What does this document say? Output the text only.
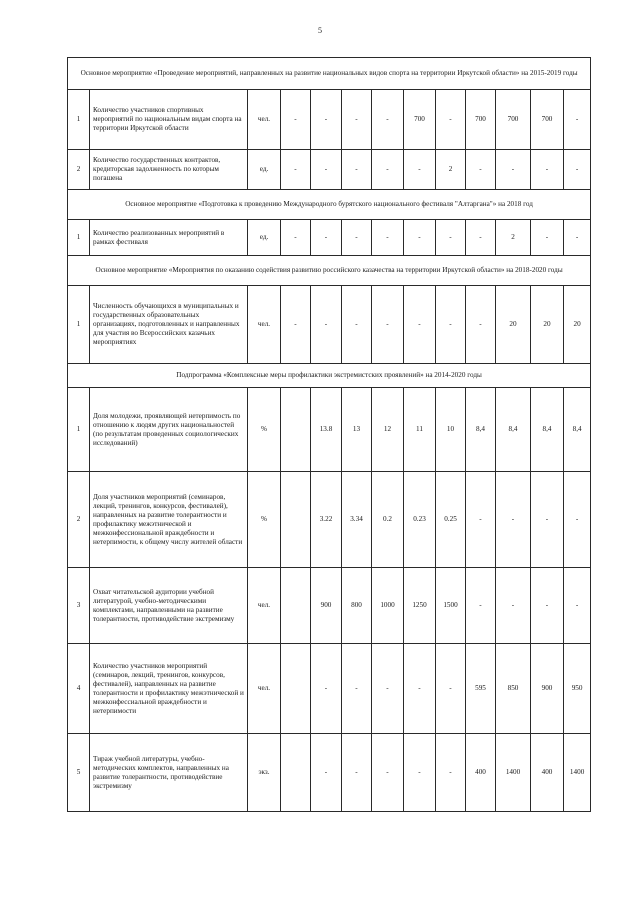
5
Основное мероприятие «Проведение мероприятий, направленных на развитие национальных видов спорта на территории Иркутской области» на 2015-2019 годы												
1	Количество участников спортивных мероприятий по национальным видам спорта на территории Иркутской области	чел.	-	-	-	-	700	-	700	700	700	-
2	Количество государственных контрактов, кредиторская задолженность по которым погашена	ед.	-	-	-	-	-	2	-	-	-	-
Основное мероприятие «Подготовка к проведению Международного бурятского национального фестиваля "Алтаргана"» на 2018 год												
1	Количество реализованных мероприятий в рамках фестиваля	ед.	-	-	-	-	-	-	-	2	-	-
Основное мероприятие «Мероприятия по оказанию содействия развитию российского казачества на территории Иркутской области» на 2018-2020 годы												
1	Численность обучающихся в муниципальных и государственных образовательных организациях, подготовленных и направленных для участия во Всероссийских казачьих мероприятиях	чел.	-	-	-	-	-	-	-	20	20	20
Подпрограмма «Комплексные меры профилактики экстремистских проявлений» на 2014-2020 годы												
1	Доля молодежи, проявляющей нетерпимость по отношению к людям других национальностей (по результатам проведенных социологических исследований)	%		13.8	13	12	11	10	8,4	8,4	8,4	8,4
2	Доля участников мероприятий (семинаров, лекций, тренингов, конкурсов, фестивалей), направленных на развитие толерантности и профилактику межэтнической и межконфессиональной враждебности и нетерпимости, к общему числу жителей области	%		3.22	3.34	0.2	0.23	0.25	-	-	-	-
3	Охват читательской аудитории учебной литературой, учебно-методическими комплектами, направленными на развитие толерантности, противодействие экстремизму	чел.		900	800	1000	1250	1500	-	-	-	-
4	Количество участников мероприятий (семинаров, лекций, тренингов, конкурсов, фестивалей), направленных на развитие толерантности и профилактику межэтнической и межконфессиальной враждебности и нетерпимости	чел.		-	-	-	-	-	595	850	900	950
5	Тираж учебной литературы, учебно-методических комплектов, направленных на развитие толерантности, противодействие экстремизму	экз.		-	-	-	-	-	400	1400	400	1400
